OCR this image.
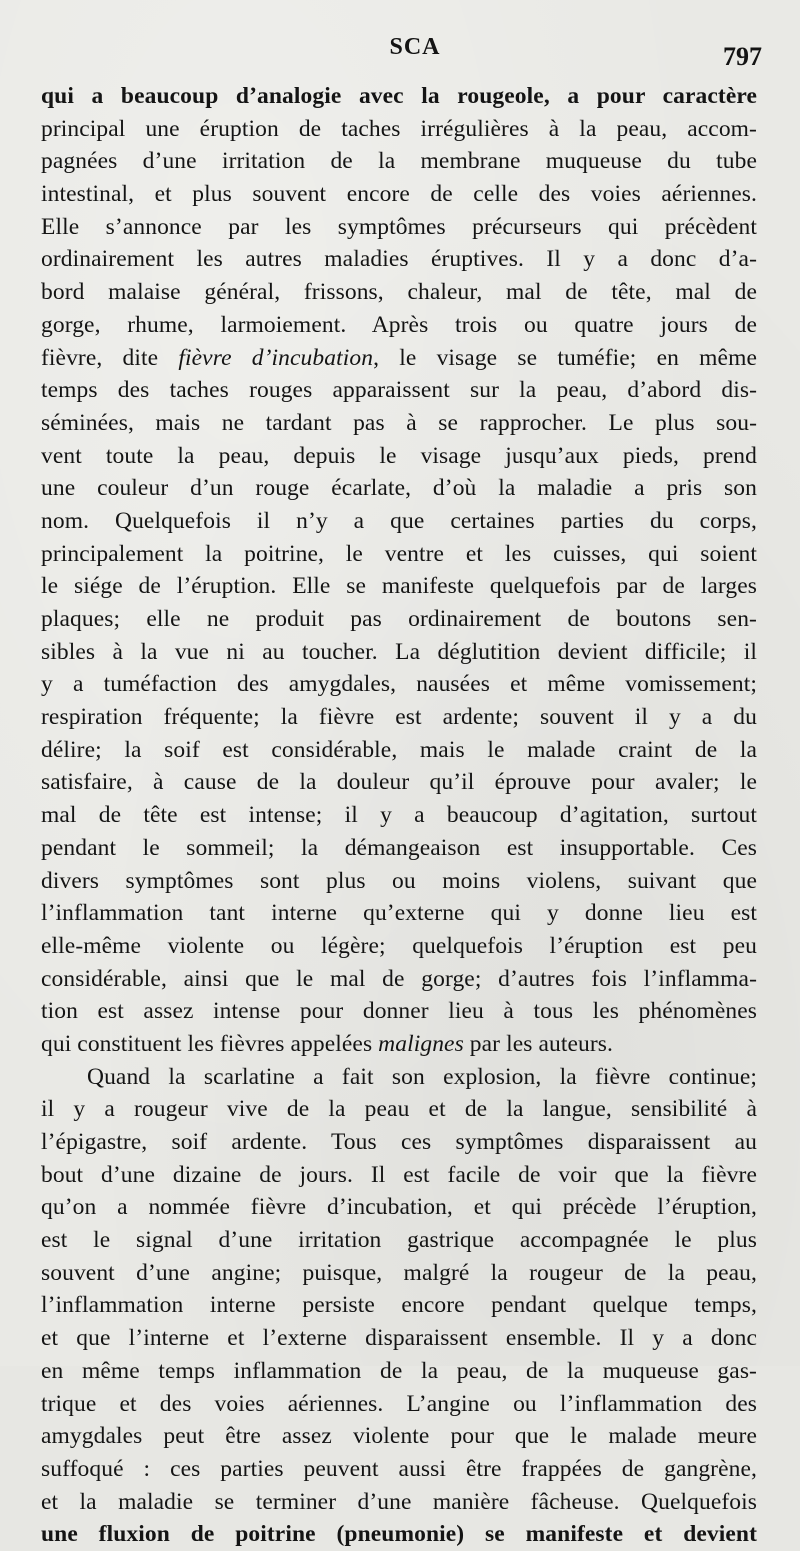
SCA	797
qui a beaucoup d’analogie avec la rougeole, a pour caractère
principal une éruption de taches irrégulières à la peau, accom-
pagnées d’une irritation de la membrane muqueuse du tube
intestinal, et plus souvent encore de celle des voies aériennes.
Elle s’annonce par les symptômes précurseurs qui précèdent
ordinairement les autres maladies éruptives. Il y a donc d’a-
bord malaise général, frissons, chaleur, mal de tête, mal de
gorge, rhume, larmoiement. Après trois ou quatre jours de
fièvre, dite fièvre d’incubation, le visage se tuméfie; en même
temps des taches rouges apparaissent sur la peau, d’abord dis-
séminées, mais ne tardant pas à se rapprocher. Le plus sou-
vent toute la peau, depuis le visage jusqu’aux pieds, prend
une couleur d’un rouge écarlate, d’où la maladie a pris son
nom. Quelquefois il n’y a que certaines parties du corps,
principalement la poitrine, le ventre et les cuisses, qui soient
le siége de l’éruption. Elle se manifeste quelquefois par de larges
plaques; elle ne produit pas ordinairement de boutons sen-
sibles à la vue ni au toucher. La déglutition devient difficile; il
y a tuméfaction des amygdales, nausées et même vomissement;
respiration fréquente; la fièvre est ardente; souvent il y a du
délire; la soif est considérable, mais le malade craint de la
satisfaire, à cause de la douleur qu’il éprouve pour avaler; le
mal de tête est intense; il y a beaucoup d’agitation, surtout
pendant le sommeil; la démangeaison est insupportable. Ces
divers symptômes sont plus ou moins violens, suivant que
l’inflammation tant interne qu’externe qui y donne lieu est
elle-même violente ou légère; quelquefois l’éruption est peu
considérable, ainsi que le mal de gorge; d’autres fois l’inflamma-
tion est assez intense pour donner lieu à tous les phénomènes
qui constituent les fièvres appelées malignes par les auteurs.
Quand la scarlatine a fait son explosion, la fièvre continue;
il y a rougeur vive de la peau et de la langue, sensibilité à
l’épigastre, soif ardente. Tous ces symptômes disparaissent au
bout d’une dizaine de jours. Il est facile de voir que la fièvre
qu’on a nommée fièvre d’incubation, et qui précède l’éruption,
est le signal d’une irritation gastrique accompagnée le plus
souvent d’une angine; puisque, malgré la rougeur de la peau,
l’inflammation interne persiste encore pendant quelque temps,
et que l’interne et l’externe disparaissent ensemble. Il y a donc
en même temps inflammation de la peau, de la muqueuse gas-
trique et des voies aériennes. L’angine ou l’inflammation des
amygdales peut être assez violente pour que le malade meure
suffoqué : ces parties peuvent aussi être frappées de gangrène,
et la maladie se terminer d’une manière fâcheuse. Quelquefois
une fluxion de poitrine (pneumonie) se manifeste et devient
